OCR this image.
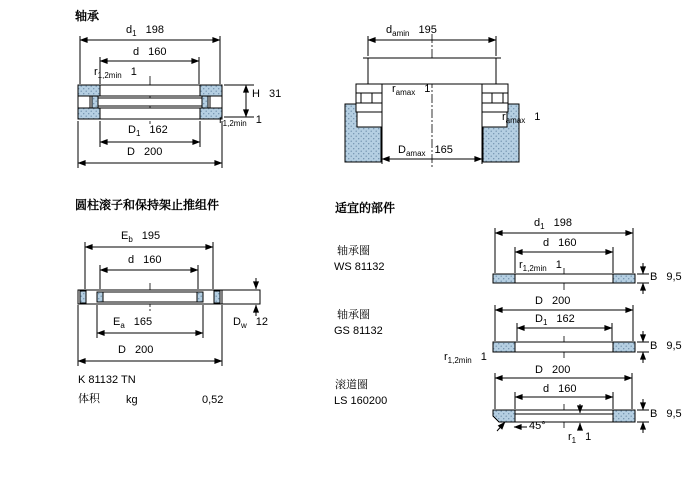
轴承
$d_1$ 198
d 160
$r_{1,2min}$ 1
H 31
$r_{1,2min}$ 1
$D_1$ 162
D 200
$d_{amin}$ 195
$r_{amax}$ 1
$r_{amax}$ 1
$D_{amax}$ 165
圆柱滚子和保持架止推组件
$E_b$ 195
d 160
$E_a$ 165
D 200
$D_w$ 12
K 81132 TN
体积 kg	0,52
适宜的部件
轴承圈
WS 81132
轴承圈
GS 81132
滚道圈
LS 160200
$d_1$ 198
d 160
$r_{1,2min}$ 1
B 9,5
D 200
$D_1$ 162
$r_{1,2min}$ 1
B 9,5
D 200
d 160
45°
$r_1$ 1
B 9,5
